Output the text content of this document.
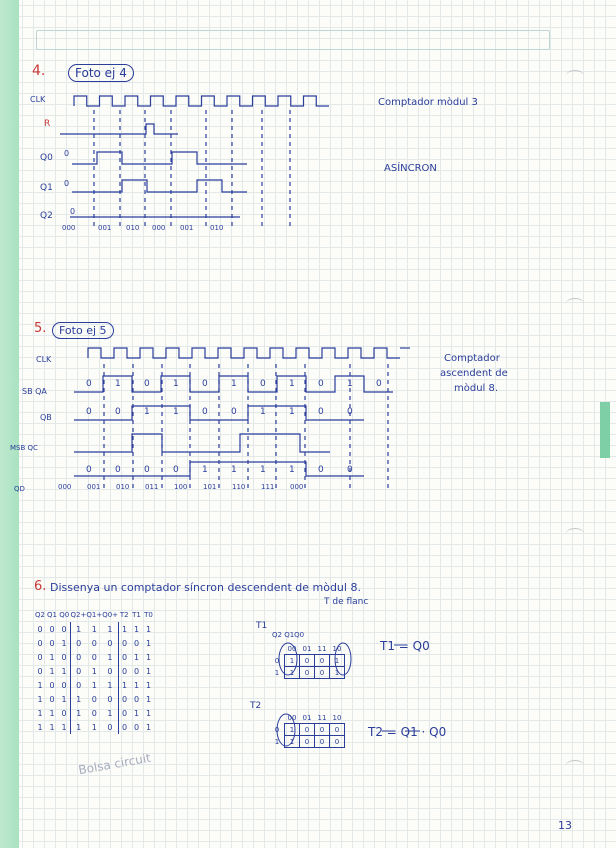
4.	Foto ej 4
CLK
R
Q0
Q1
Q2
0
0
0
000	001 010 000 001 010
Comptador mòdul 3
ASÍNCRON
5.	Foto ej 5
CLK
SB QA
QB
MSB QC
QD
0	1	0	1	0	1	0	1	0	1	0
0	0	1	1	0	0	1	1	0	0
0	0	0	0	1	1	1	1	0	0
000 001 010 011 100 101 110 111 000
Comptador
ascendent de
mòdul 8.
6. Dissenya un comptador síncron descendent de mòdul 8.
T de flanc
Q2	Q1	Q0	Q2+	Q1+	Q0+	T2	T1	T0
0	0	0	1	1	1	1	1	1
0	0	1	0	0	0	0	0	1
0	1	0	0	0	1	0	1	1
0	1	1	0	1	0	0	0	1
1	0	0	0	1	1	1	1	1
1	0	1	1	0	0	0	0	1
1	1	0	1	0	1	0	1	1
1	1	1	1	1	0	0	0	1
T1
Q2 Q1Q0
	00	01	11	10
0	1	0	0	1
1	1	0	0	1
T2
	00	01	11	10
0	1	0	0	0
1	1	0	0	0
T1 = Q0
T2 = Q1 · Q0
Bolsa circuit
13
